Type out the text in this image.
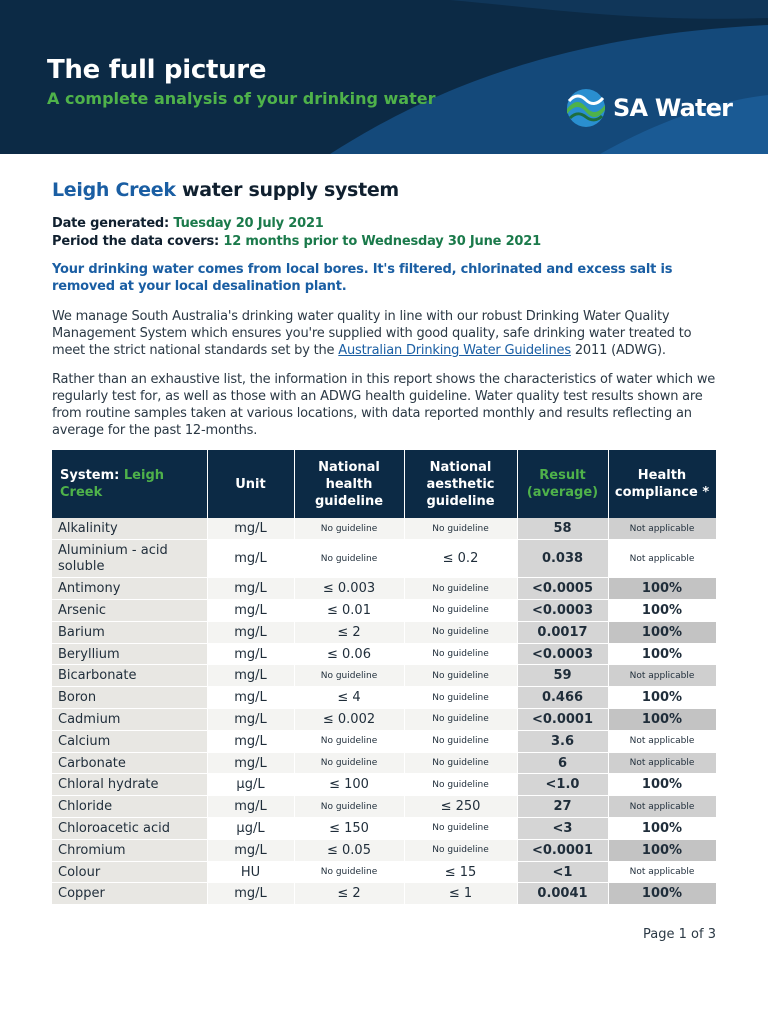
The full picture
A complete analysis of your drinking water	SA Water
Leigh Creek water supply system
Date generated: Tuesday 20 July 2021
Period the data covers: 12 months prior to Wednesday 30 June 2021
Your drinking water comes from local bores. It's filtered, chlorinated and excess salt is removed at your local desalination plant.
We manage South Australia's drinking water quality in line with our robust Drinking Water Quality Management System which ensures you're supplied with good quality, safe drinking water treated to meet the strict national standards set by the Australian Drinking Water Guidelines 2011 (ADWG).
Rather than an exhaustive list, the information in this report shows the characteristics of water which we regularly test for, as well as those with an ADWG health guideline. Water quality test results shown are from routine samples taken at various locations, with data reported monthly and results reflecting an average for the past 12-months.
System: Leigh Creek	Unit	National health guideline	National aesthetic guideline	Result (average)	Health compliance *
Alkalinity	mg/L	No guideline	No guideline	58	Not applicable
Aluminium - acid soluble	mg/L	No guideline	≤ 0.2	0.038	Not applicable
Antimony	mg/L	≤ 0.003	No guideline	<0.0005	100%
Arsenic	mg/L	≤ 0.01	No guideline	<0.0003	100%
Barium	mg/L	≤ 2	No guideline	0.0017	100%
Beryllium	mg/L	≤ 0.06	No guideline	<0.0003	100%
Bicarbonate	mg/L	No guideline	No guideline	59	Not applicable
Boron	mg/L	≤ 4	No guideline	0.466	100%
Cadmium	mg/L	≤ 0.002	No guideline	<0.0001	100%
Calcium	mg/L	No guideline	No guideline	3.6	Not applicable
Carbonate	mg/L	No guideline	No guideline	6	Not applicable
Chloral hydrate	µg/L	≤ 100	No guideline	<1.0	100%
Chloride	mg/L	No guideline	≤ 250	27	Not applicable
Chloroacetic acid	µg/L	≤ 150	No guideline	<3	100%
Chromium	mg/L	≤ 0.05	No guideline	<0.0001	100%
Colour	HU	No guideline	≤ 15	<1	Not applicable
Copper	mg/L	≤ 2	≤ 1	0.0041	100%
Page 1 of 3
